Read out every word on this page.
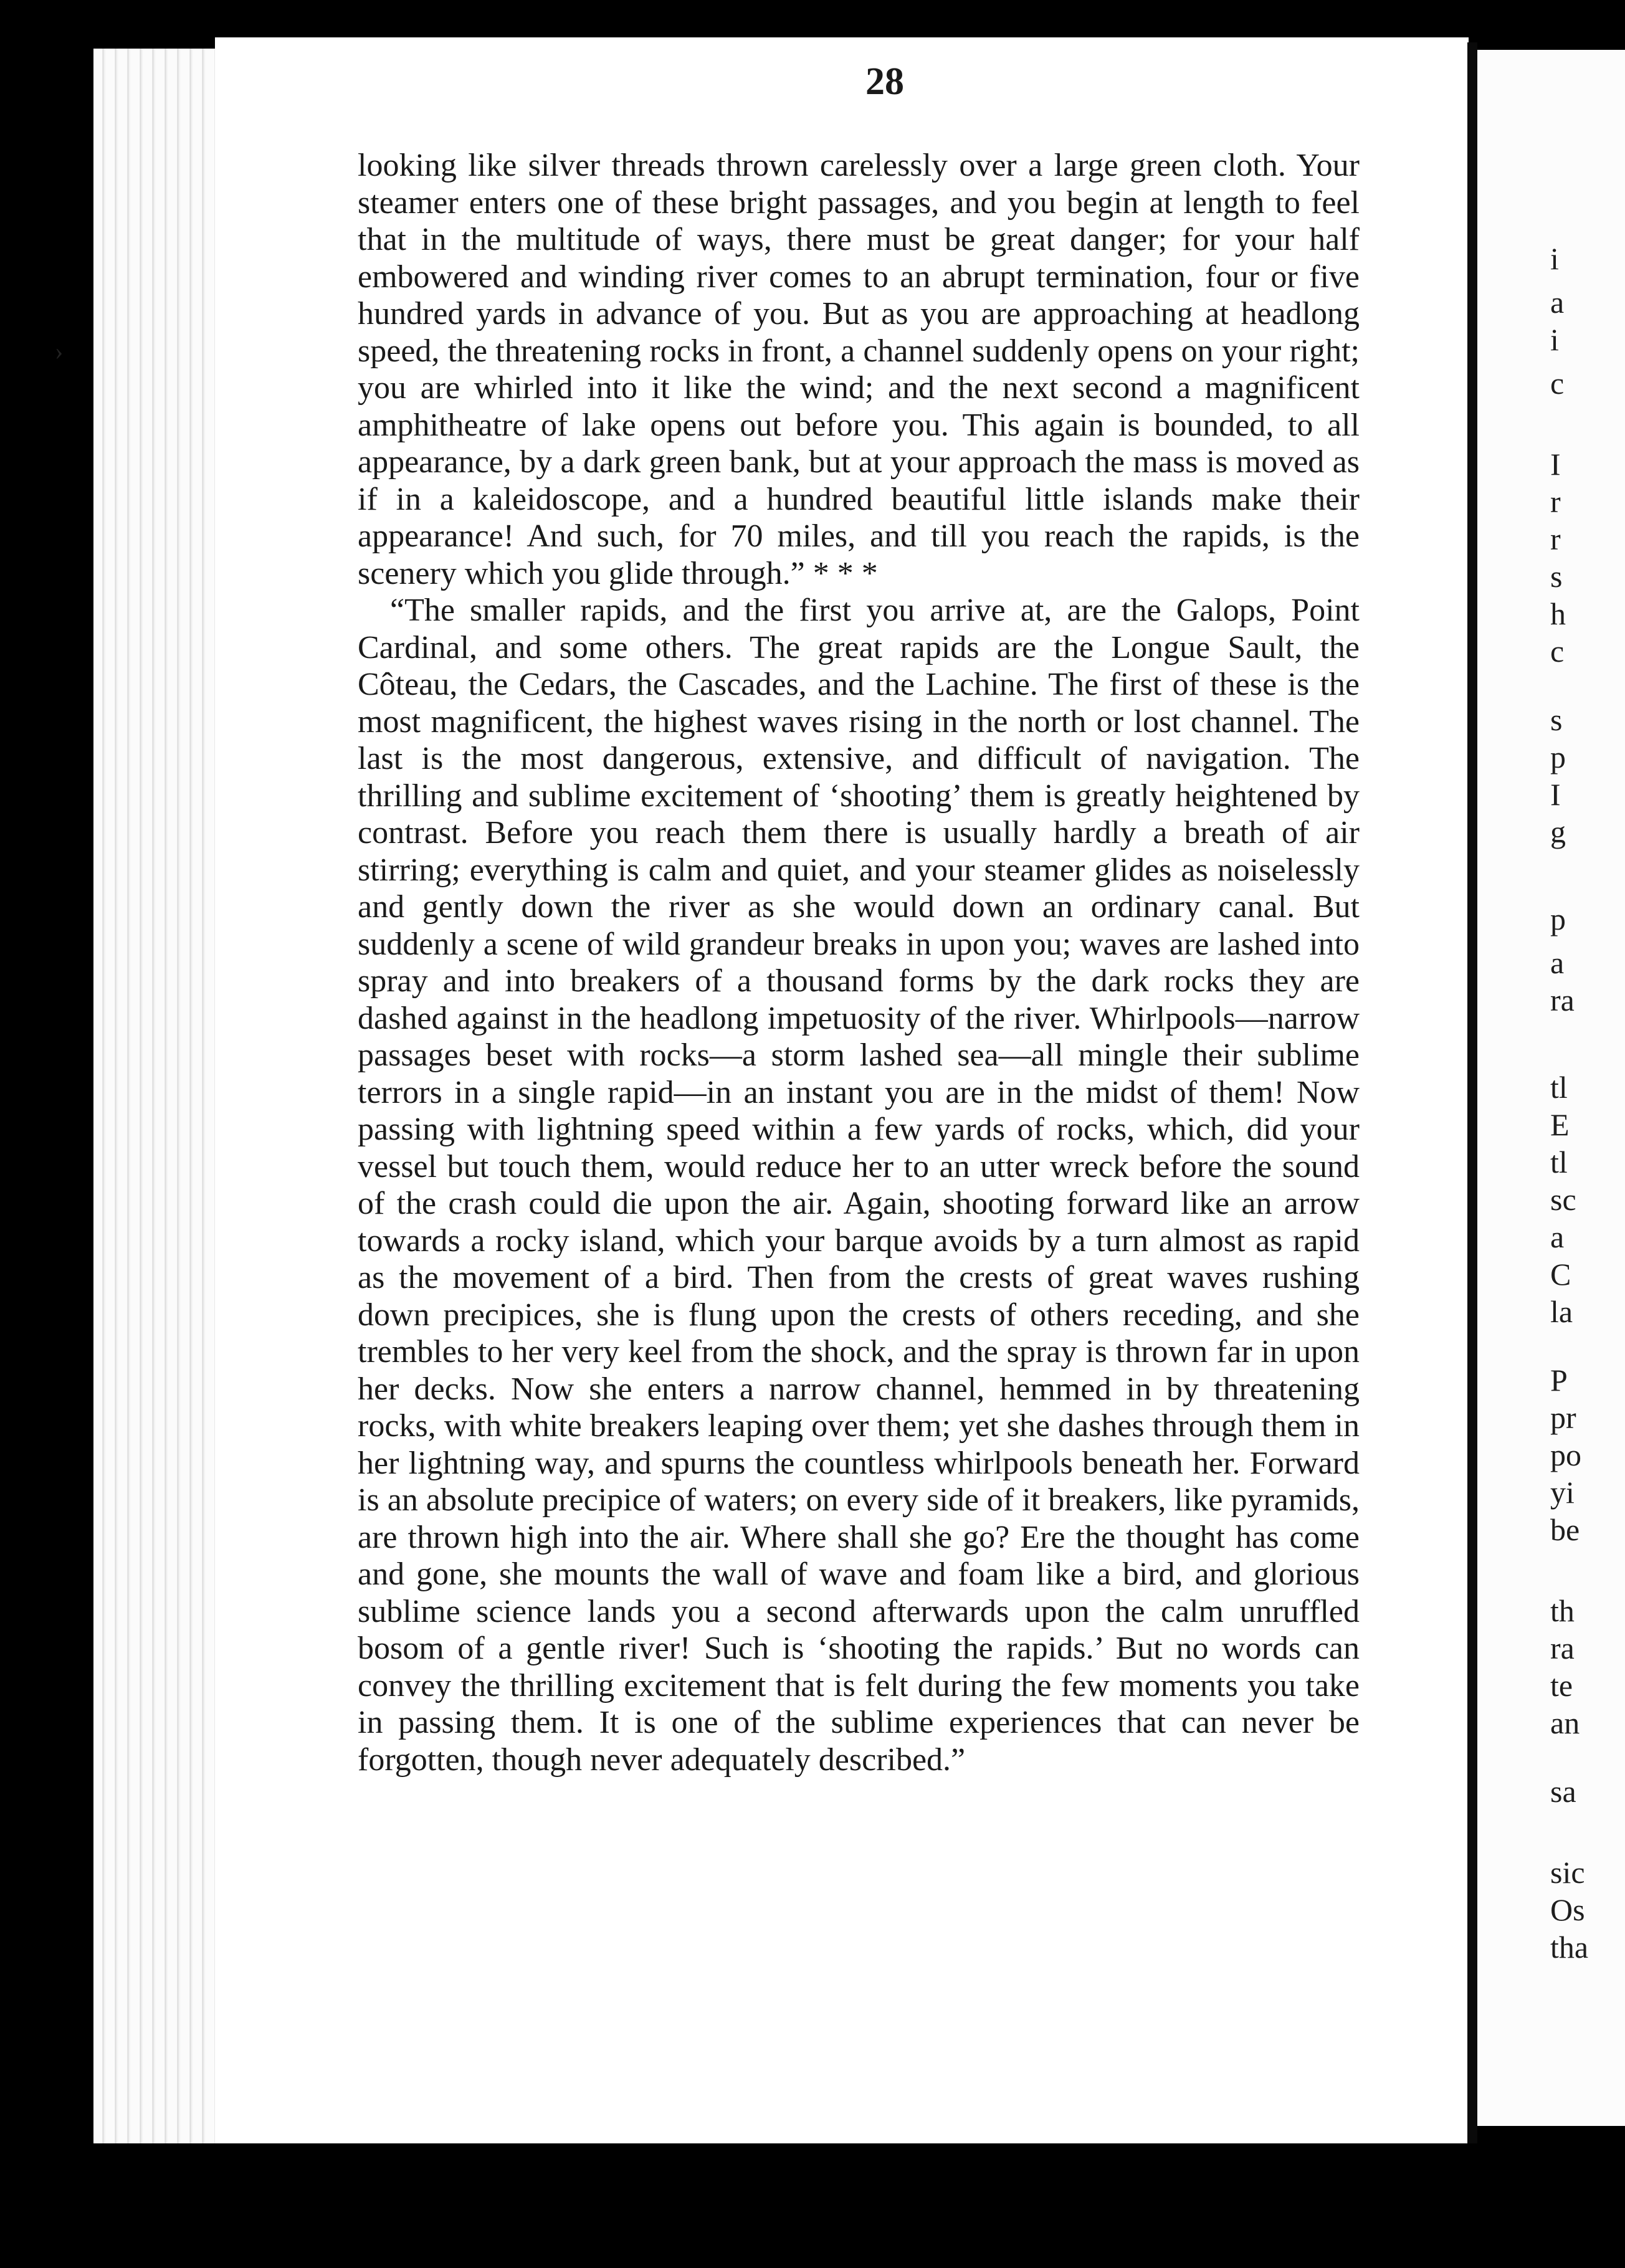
i
a
i
c
I
r
r
s
h
c
s
p
I
g
p
a
ra
tl
E
tl
sc
a
C
la
P
pr
po
yi
be
th
ra
te
an
sa
sic
Os
tha
28

looking like silver threads thrown carelessly over a large green cloth. Your steamer enters one of these bright passages, and you begin at length to feel that in the multitude of ways, there must be great danger; for your half embowered and winding river comes to an abrupt termination, four or five hundred yards in advance of you. But as you are approaching at headlong speed, the threatening rocks in front, a channel suddenly opens on your right; you are whirled into it like the wind; and the next second a magnificent amphitheatre of lake opens out before you. This again is bounded, to all appearance, by a dark green bank, but at your approach the mass is moved as if in a kaleidoscope, and a hundred beautiful little islands make their appearance! And such, for 70 miles, and till you reach the rapids, is the scenery which you glide through.” * * *

“The smaller rapids, and the first you arrive at, are the Galops, Point Cardinal, and some others. The great rapids are the Longue Sault, the Côteau, the Cedars, the Cascades, and the Lachine. The first of these is the most magnificent, the highest waves rising in the north or lost channel. The last is the most dangerous, extensive, and difficult of navigation. The thrilling and sublime excitement of ‘shooting’ them is greatly heightened by contrast. Before you reach them there is usually hardly a breath of air stirring; everything is calm and quiet, and your steamer glides as noiselessly and gently down the river as she would down an ordinary canal. But suddenly a scene of wild grandeur breaks in upon you; waves are lashed into spray and into breakers of a thousand forms by the dark rocks they are dashed against in the headlong impetuosity of the river. Whirlpools—narrow passages beset with rocks—a storm lashed sea—all mingle their sublime terrors in a single rapid—in an instant you are in the midst of them! Now passing with lightning speed within a few yards of rocks, which, did your vessel but touch them, would reduce her to an utter wreck before the sound of the crash could die upon the air. Again, shooting forward like an arrow towards a rocky island, which your barque avoids by a turn almost as rapid as the movement of a bird. Then from the crests of great waves rushing down precipices, she is flung upon the crests of others receding, and she trembles to her very keel from the shock, and the spray is thrown far in upon her decks. Now she enters a narrow channel, hemmed in by threatening rocks, with white breakers leaping over them; yet she dashes through them in her lightning way, and spurns the countless whirlpools beneath her. Forward is an absolute precipice of waters; on every side of it breakers, like pyramids, are thrown high into the air. Where shall she go? Ere the thought has come and gone, she mounts the wall of wave and foam like a bird, and glorious sublime science lands you a second afterwards upon the calm unruffled bosom of a gentle river! Such is ‘shooting the rapids.’ But no words can convey the thrilling excitement that is felt during the few moments you take in passing them. It is one of the sublime experiences that can never be forgotten, though never adequately described.”

›
